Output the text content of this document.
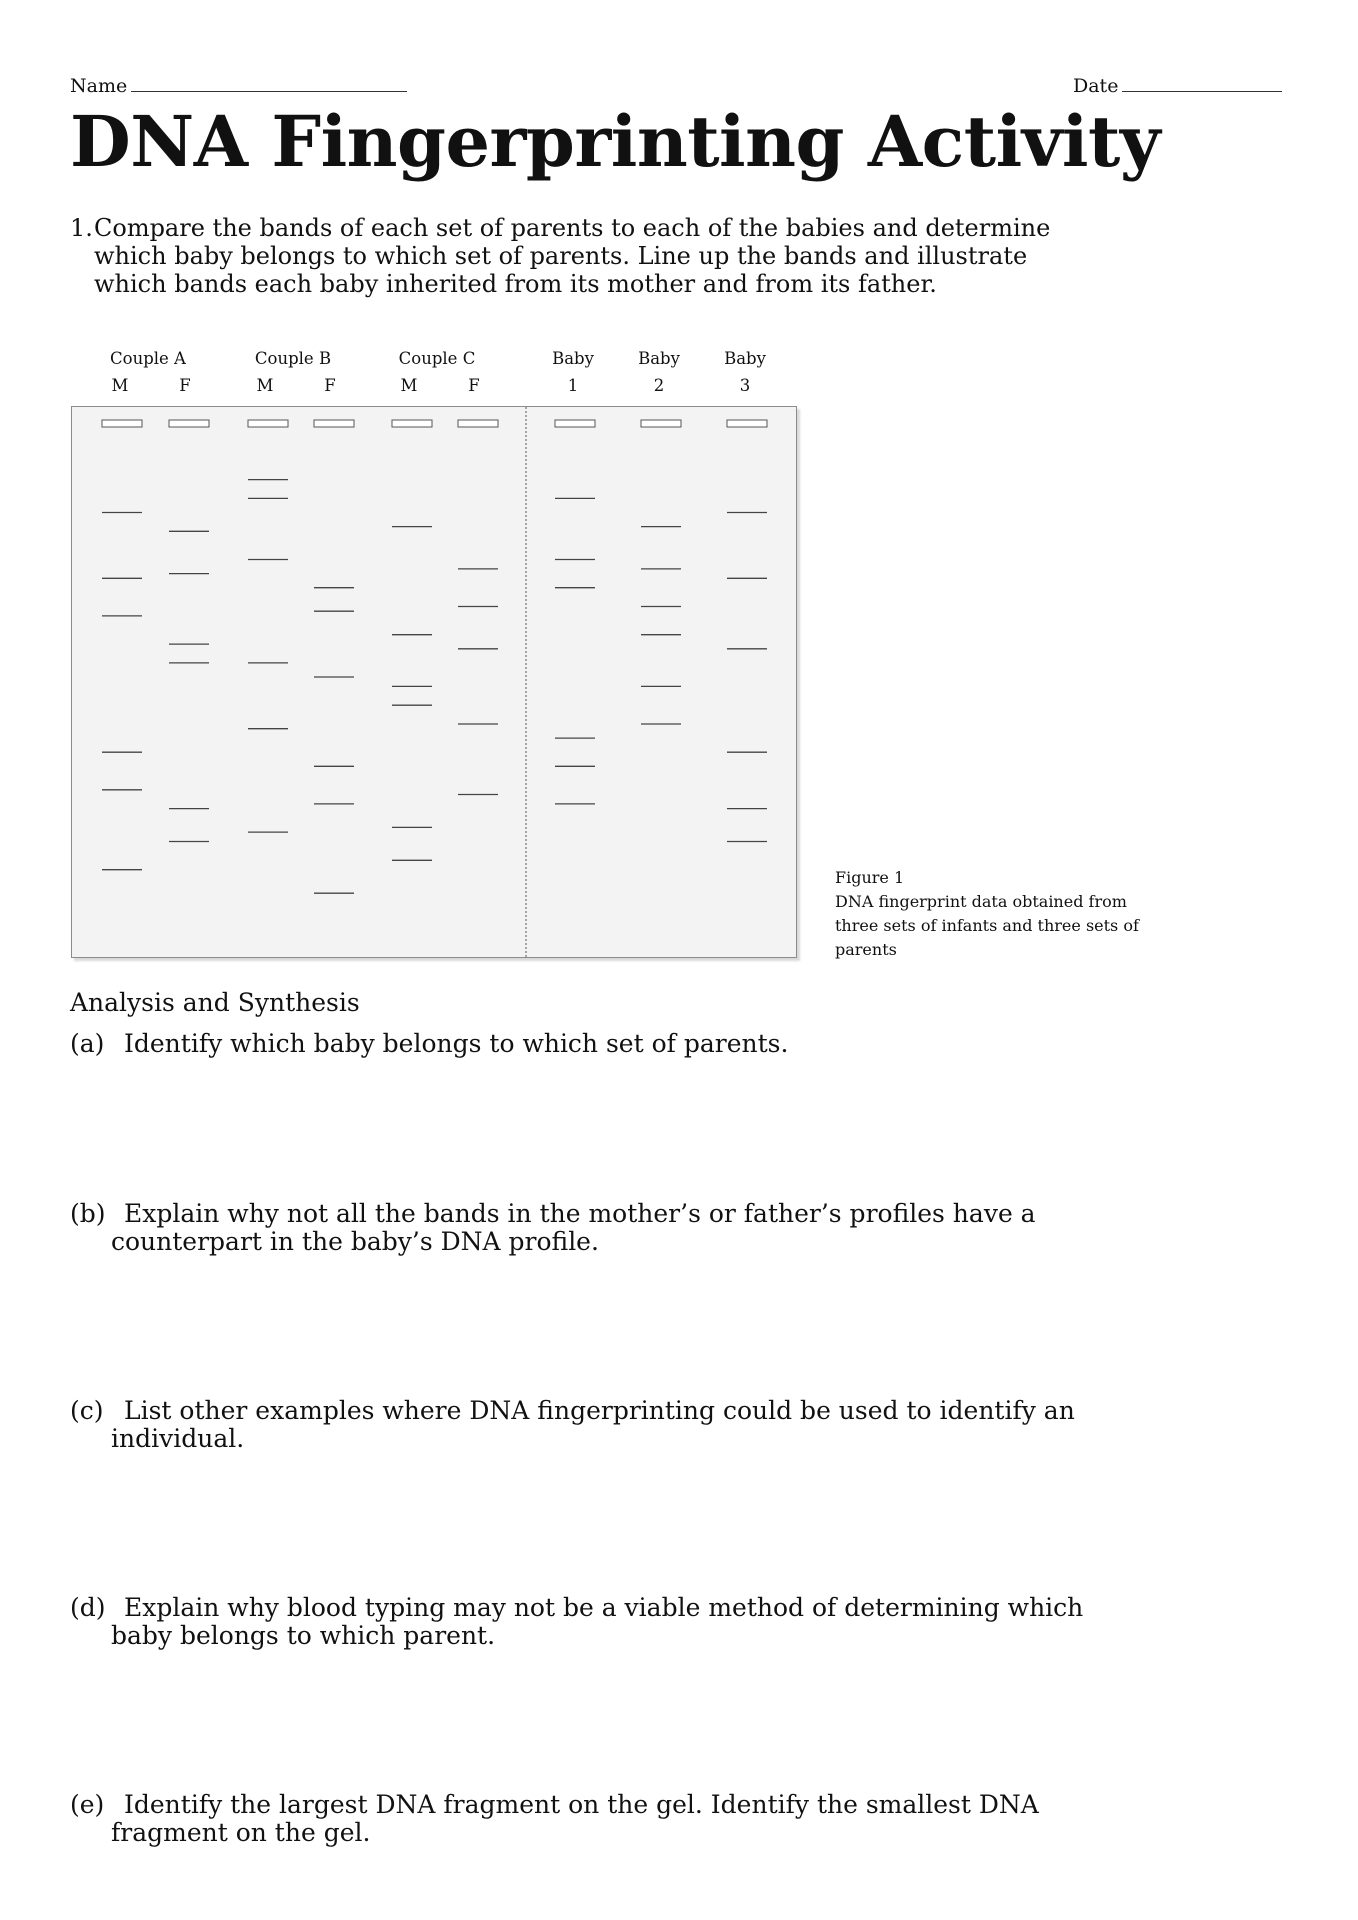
Name	Date
DNA Fingerprinting Activity
1. Compare the bands of each set of parents to each of the babies and determine
which baby belongs to which set of parents. Line up the bands and illustrate
which bands each baby inherited from its mother and from its father.
Couple A	Couple B	Couple C	Baby	Baby	Baby
M	F	M	F	M	F	1	2	3
Figure 1
DNA fingerprint data obtained from
three sets of infants and three sets of
parents
Analysis and Synthesis
(a) Identify which baby belongs to which set of parents.
(b) Explain why not all the bands in the mother’s or father’s profiles have a
counterpart in the baby’s DNA profile.
(c) List other examples where DNA fingerprinting could be used to identify an
individual.
(d) Explain why blood typing may not be a viable method of determining which
baby belongs to which parent.
(e) Identify the largest DNA fragment on the gel. Identify the smallest DNA
fragment on the gel.
